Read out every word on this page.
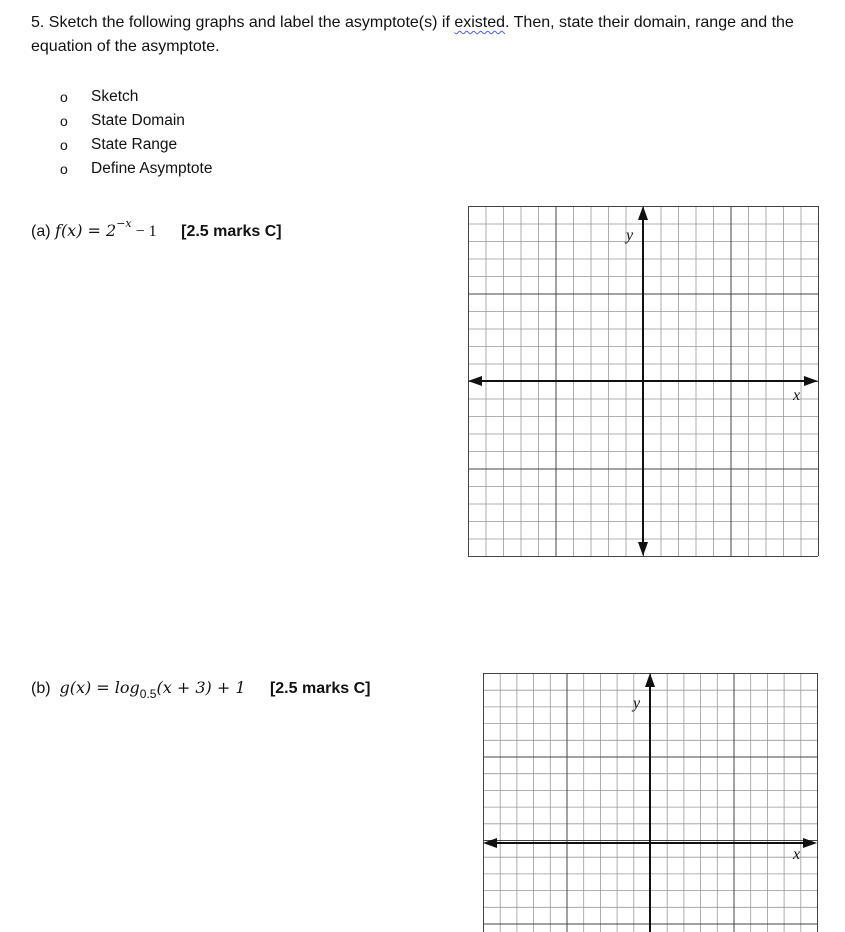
5. Sketch the following graphs and label the asymptote(s) if existed. Then, state their domain, range and the equation of the asymptote.
o Sketch
o State Domain
o State Range
o Define Asymptote
(a) $f(x) = 2^{-x} - 1$ [2.5 marks C]	y
x
(b) $g(x) = \log_{0.5}(x + 3) + 1$ [2.5 marks C]
y
x
